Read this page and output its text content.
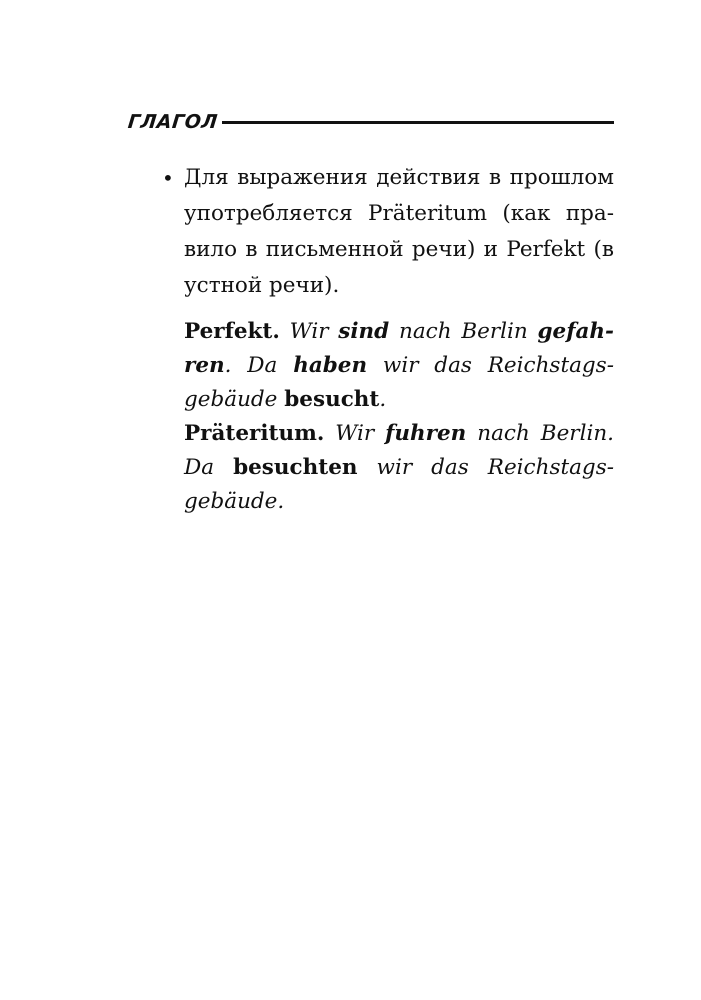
ГЛАГОЛ
• Для выражения действия в прошлом
употребляется Präteritum (как пра-
вило в письменной речи) и Perfekt (в
устной речи).
Perfekt. Wir sind nach Berlin gefah-
ren. Da haben wir das Reichstags-
gebäude besucht.
Präteritum. Wir fuhren nach Berlin.
Da besuchten wir das Reichstags-
gebäude.
